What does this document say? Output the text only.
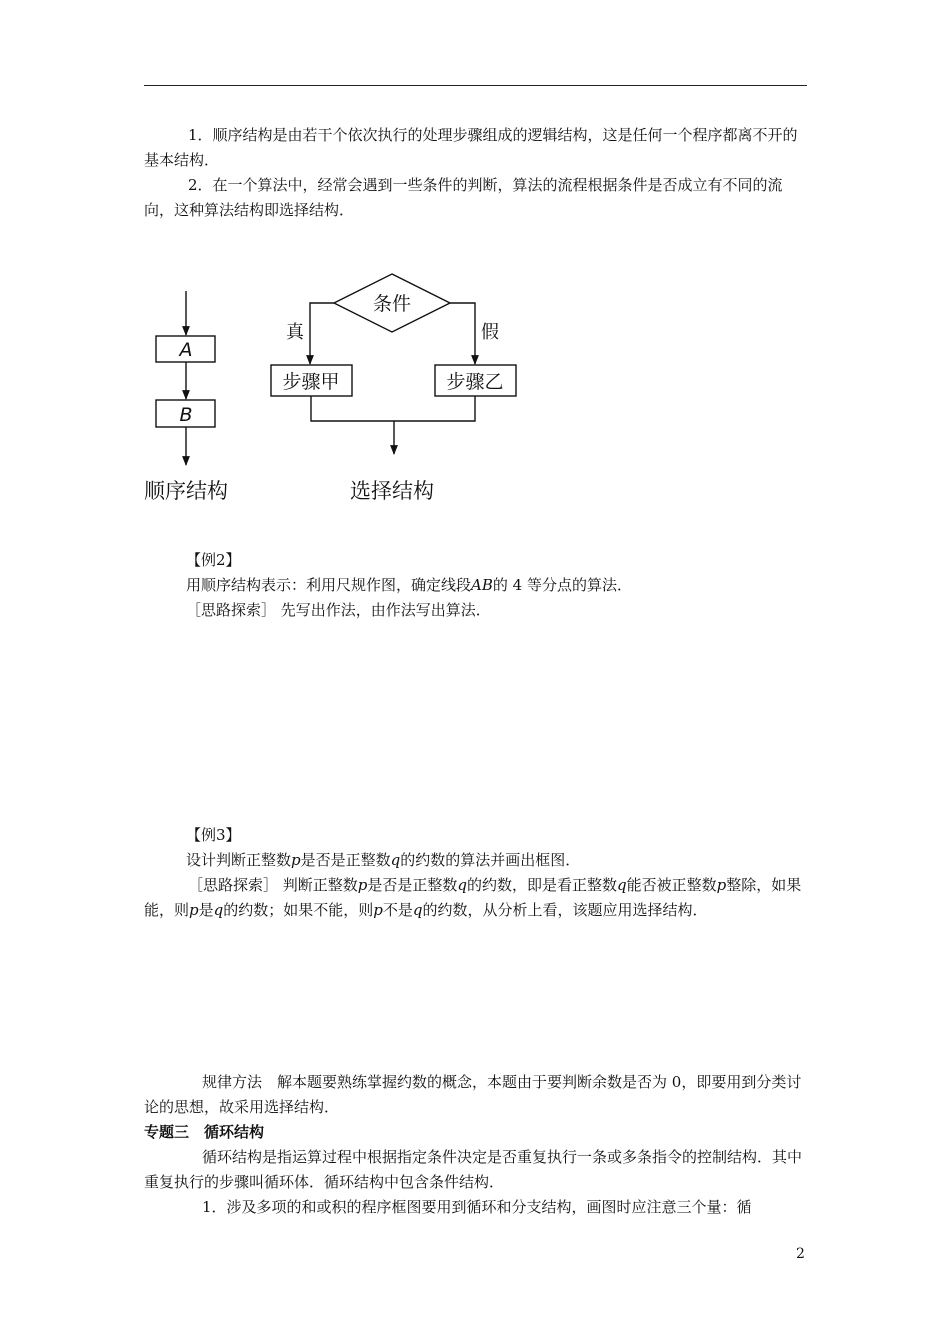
1．顺序结构是由若干个依次执行的处理步骤组成的逻辑结构，这是任何一个程序都离不开的基本结构．

2．在一个算法中，经常会遇到一些条件的判断，算法的流程根据条件是否成立有不同的流向，这种算法结构即选择结构．

A
B
顺序结构
条件
真	假
步骤甲	步骤乙
选择结构

【例2】

用顺序结构表示：利用尺规作图，确定线段AB的 4 等分点的算法．

［思路探索］ 先写出作法，由作法写出算法．

【例3】

设计判断正整数p是否是正整数q的约数的算法并画出框图．

［思路探索］ 判断正整数p是否是正整数q的约数，即是看正整数q能否被正整数p整除，如果能，则p是q的约数；如果不能，则p不是q的约数，从分析上看，该题应用选择结构．

规律方法　解本题要熟练掌握约数的概念，本题由于要判断余数是否为 0，即要用到分类讨论的思想，故采用选择结构．

专题三　循环结构

循环结构是指运算过程中根据指定条件决定是否重复执行一条或多条指令的控制结构．其中重复执行的步骤叫循环体．循环结构中包含条件结构．

1．涉及多项的和或积的程序框图要用到循环和分支结构，画图时应注意三个量：循

2
